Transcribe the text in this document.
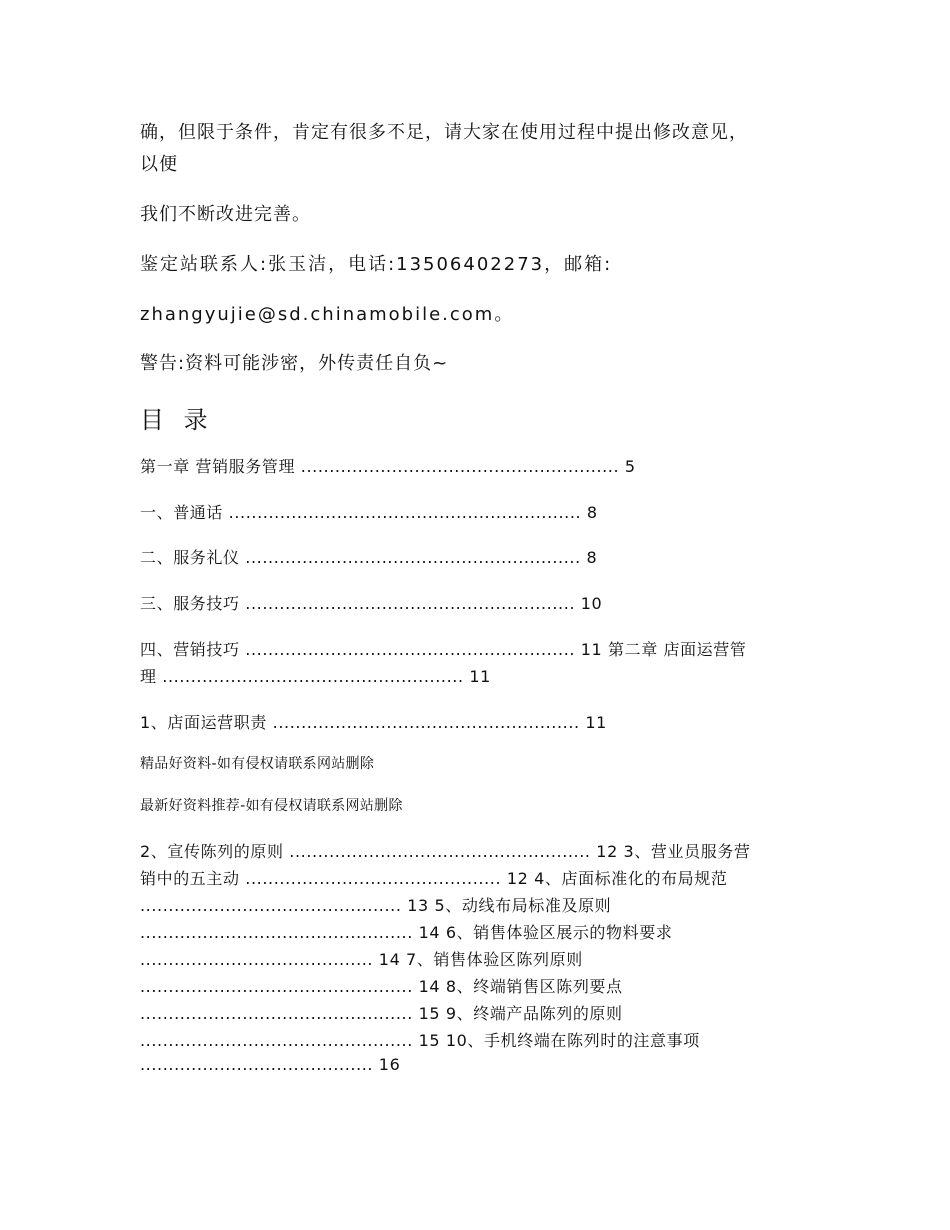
确，但限于条件，肯定有很多不足，请大家在使用过程中提出修改意见，
以便
我们不断改进完善。
鉴定站联系人:张玉洁，电话:13506402273，邮箱:
zhangyujie@sd.chinamobile.com。
警告:资料可能涉密，外传责任自负~
目 录
第一章 营销服务管理 ........................................................ 5
一、普通话 .............................................................. 8
二、服务礼仪 ........................................................... 8
三、服务技巧 .......................................................... 10
四、营销技巧 .......................................................... 11 第二章 店面运营管
理 ..................................................... 11
1、店面运营职责 ...................................................... 11
精品好资料-如有侵权请联系网站删除
最新好资料推荐-如有侵权请联系网站删除
2、宣传陈列的原则 ..................................................... 12 3、营业员服务营
销中的五主动 ............................................. 12 4、店面标准化的布局规范
.............................................. 13 5、动线布局标准及原则
................................................ 14 6、销售体验区展示的物料要求
......................................... 14 7、销售体验区陈列原则
................................................ 14 8、终端销售区陈列要点
................................................ 15 9、终端产品陈列的原则
................................................ 15 10、手机终端在陈列时的注意事项
......................................... 16
